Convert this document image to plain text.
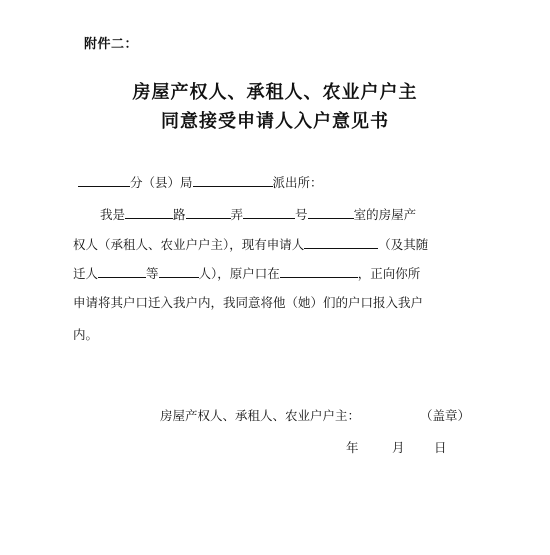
附件二：
房屋产权人、承租人、农业户户主
同意接受申请人入户意见书
分（县）局	派出所：
我是	路	弄	号	室的房屋产
权人（承租人、农业户户主），现有申请人	（及其随
迁人	等	人），原户口在	，正向你所
申请将其户口迁入我户内，我同意将他（她）们的户口报入我户
内。
房屋产权人、承租人、农业户户主：	（盖章）
年	月 日
